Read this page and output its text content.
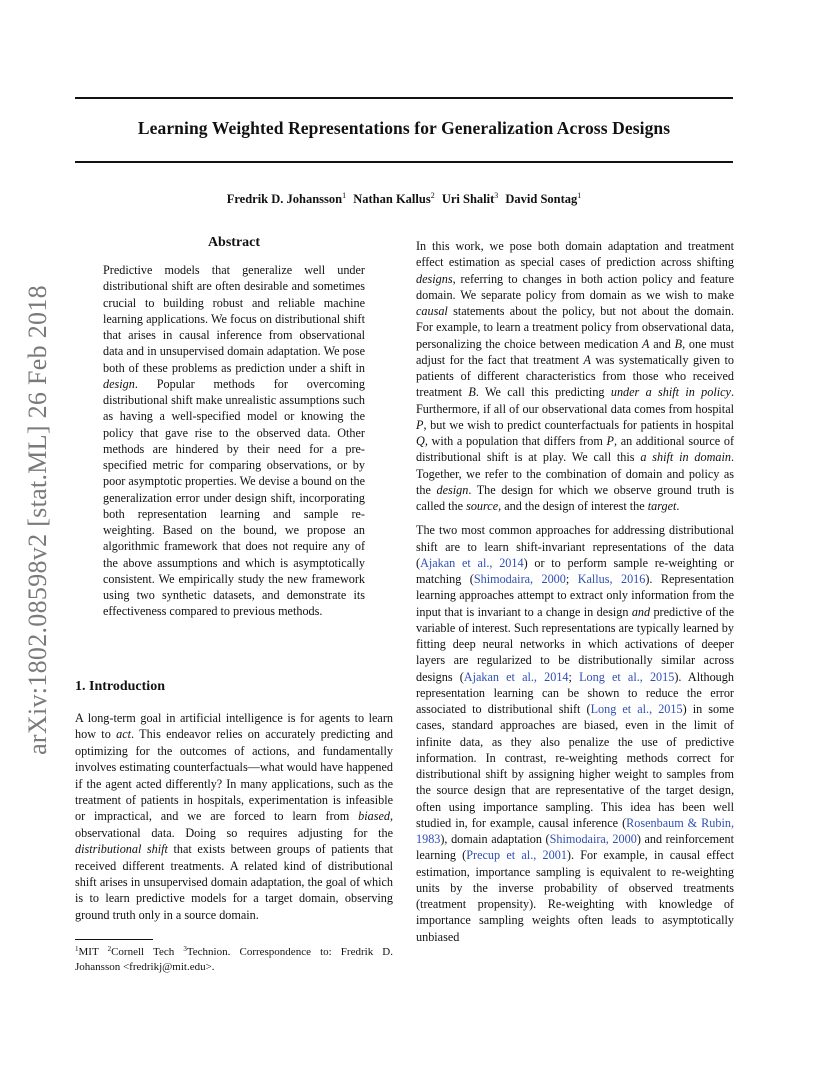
Learning Weighted Representations for Generalization Across Designs
Fredrik D. Johansson$^1$ Nathan Kallus$^2$ Uri Shalit$^3$ David Sontag$^1$
arXiv:1802.08598v2 [stat.ML] 26 Feb 2018
Abstract

Predictive models that generalize well under distributional shift are often desirable and sometimes crucial to building robust and reliable machine learning applications. We focus on distributional shift that arises in causal inference from observational data and in unsupervised domain adaptation. We pose both of these problems as prediction under a shift in design. Popular methods for overcoming distributional shift make unrealistic assumptions such as having a well-specified model or knowing the policy that gave rise to the observed data. Other methods are hindered by their need for a pre-specified metric for comparing observations, or by poor asymptotic properties. We devise a bound on the generalization error under design shift, incorporating both representation learning and sample re-weighting. Based on the bound, we propose an algorithmic framework that does not require any of the above assumptions and which is asymptotically consistent. We empirically study the new framework using two synthetic datasets, and demonstrate its effectiveness compared to previous methods.

1. Introduction

A long-term goal in artificial intelligence is for agents to learn how to act. This endeavor relies on accurately predicting and optimizing for the outcomes of actions, and fundamentally involves estimating counterfactuals—what would have happened if the agent acted differently? In many applications, such as the treatment of patients in hospitals, experimentation is infeasible or impractical, and we are forced to learn from biased, observational data. Doing so requires adjusting for the distributional shift that exists between groups of patients that received different treatments. A related kind of distributional shift arises in unsupervised domain adaptation, the goal of which is to learn predictive models for a target domain, observing ground truth only in a source domain.

$^1$MIT $^2$Cornell Tech $^3$Technion. Correspondence to: Fredrik D. Johansson <fredrikj@mit.edu>.

In this work, we pose both domain adaptation and treatment effect estimation as special cases of prediction across shifting designs, referring to changes in both action policy and feature domain. We separate policy from domain as we wish to make causal statements about the policy, but not about the domain. For example, to learn a treatment policy from observational data, personalizing the choice between medication A and B, one must adjust for the fact that treatment A was systematically given to patients of different characteristics from those who received treatment B. We call this predicting under a shift in policy. Furthermore, if all of our observational data comes from hospital P, but we wish to predict counterfactuals for patients in hospital Q, with a population that differs from P, an additional source of distributional shift is at play. We call this a shift in domain. Together, we refer to the combination of domain and policy as the design. The design for which we observe ground truth is called the source, and the design of interest the target.

The two most common approaches for addressing distributional shift are to learn shift-invariant representations of the data (Ajakan et al., 2014) or to perform sample re-weighting or matching (Shimodaira, 2000; Kallus, 2016). Representation learning approaches attempt to extract only information from the input that is invariant to a change in design and predictive of the variable of interest. Such representations are typically learned by fitting deep neural networks in which activations of deeper layers are regularized to be distributionally similar across designs (Ajakan et al., 2014; Long et al., 2015). Although representation learning can be shown to reduce the error associated to distributional shift (Long et al., 2015) in some cases, standard approaches are biased, even in the limit of infinite data, as they also penalize the use of predictive information. In contrast, re-weighting methods correct for distributional shift by assigning higher weight to samples from the source design that are representative of the target design, often using importance sampling. This idea has been well studied in, for example, causal inference (Rosenbaum & Rubin, 1983), domain adaptation (Shimodaira, 2000) and reinforcement learning (Precup et al., 2001). For example, in causal effect estimation, importance sampling is equivalent to re-weighting units by the inverse probability of observed treatments (treatment propensity). Re-weighting with knowledge of importance sampling weights often leads to asymptotically unbiased
